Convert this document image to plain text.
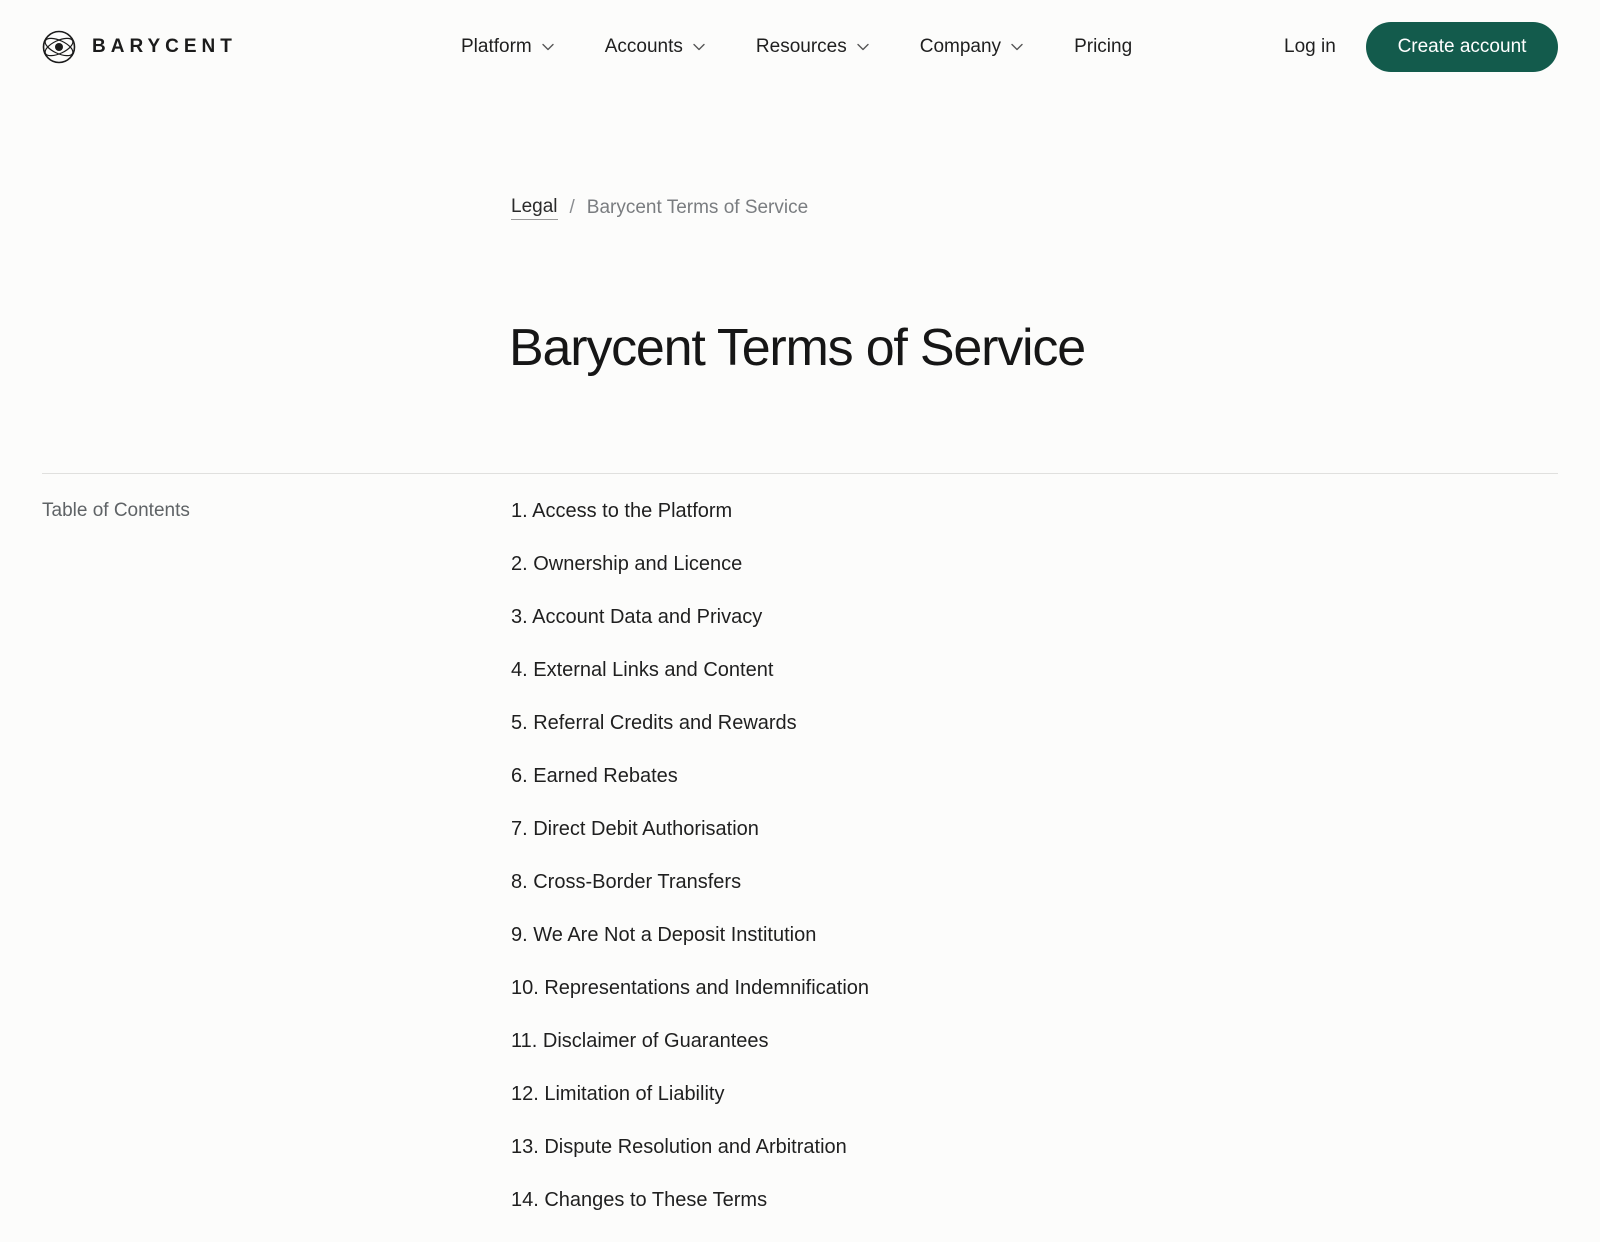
BARYCENT	Platform	Accounts	Resources	Company	Pricing	Log in	Create account
Legal / Barycent Terms of Service
Barycent Terms of Service
Table of Contents	1. Access to the Platform
2. Ownership and Licence
3. Account Data and Privacy
4. External Links and Content
5. Referral Credits and Rewards
6. Earned Rebates
7. Direct Debit Authorisation
8. Cross-Border Transfers
9. We Are Not a Deposit Institution
10. Representations and Indemnification
11. Disclaimer of Guarantees
12. Limitation of Liability
13. Dispute Resolution and Arbitration
14. Changes to These Terms
